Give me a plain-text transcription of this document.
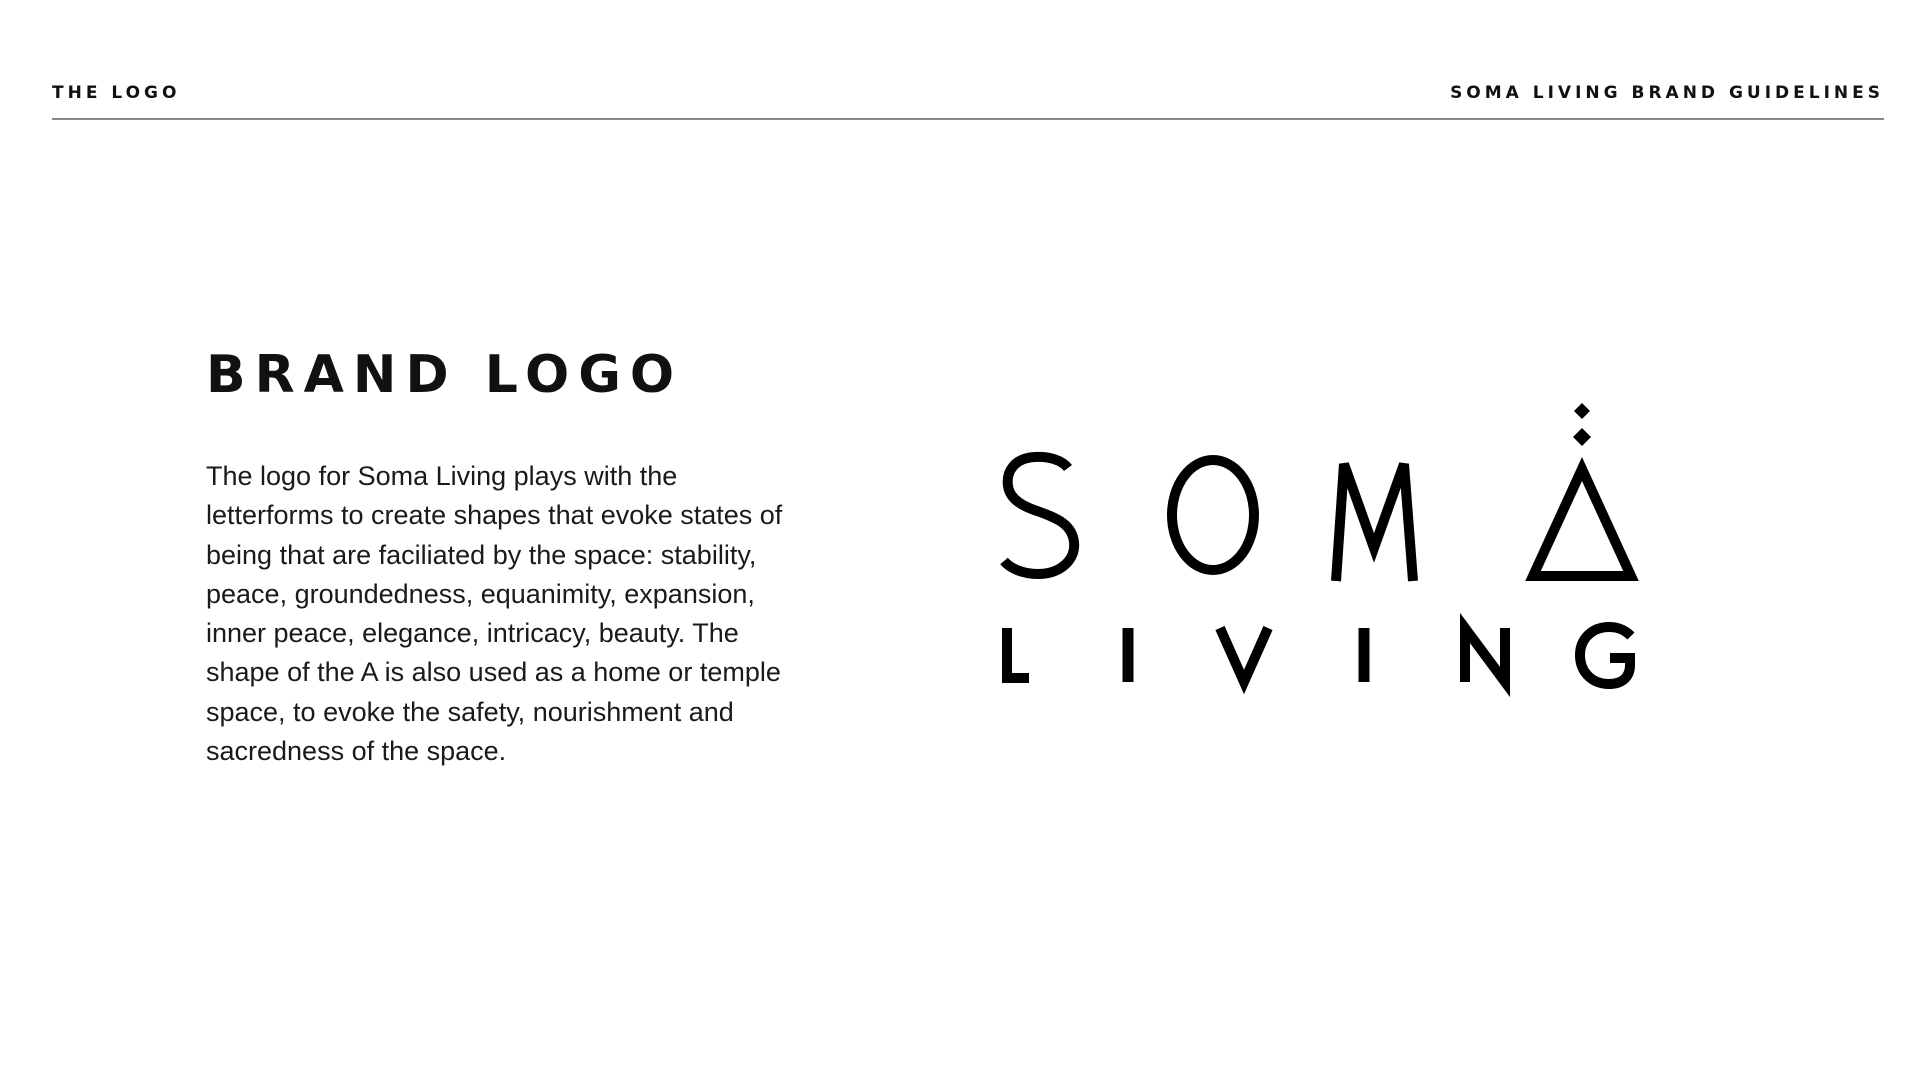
THE LOGO	SOMA LIVING BRAND GUIDELINES
BRAND LOGO

The logo for Soma Living plays with the letterforms to create shapes that evoke states of being that are faciliated by the space: stability, peace, groundedness, equanimity, expansion, inner peace, elegance, intricacy, beauty. The shape of the A is also used as a home or temple space, to evoke the safety, nourishment and sacredness of the space.
